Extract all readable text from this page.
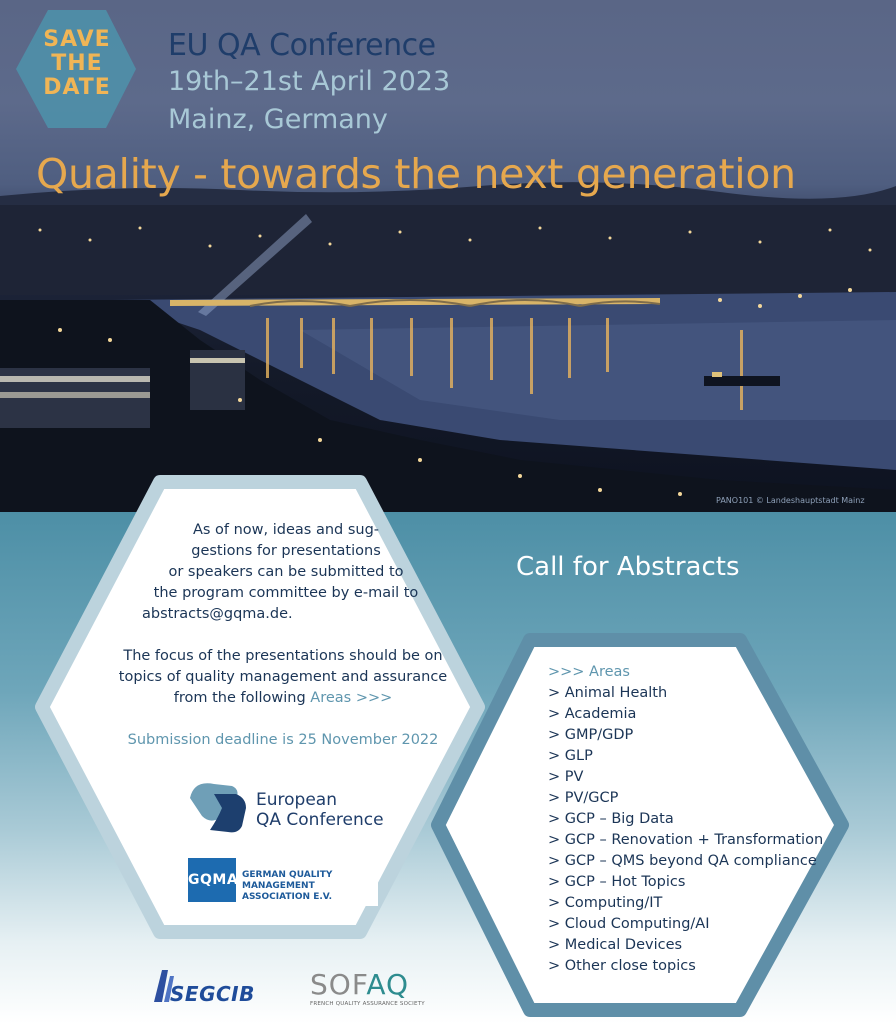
SAVE
THE
DATE
EU QA Conference
19th–21st April 2023
Mainz, Germany
Quality - towards the next generation
PANO101 © Landeshauptstadt Mainz

As of now, ideas and sug-

gestions for presentations

or speakers can be submitted to

the program committee by e-mail to

abstracts@gqma.de.

The focus of the presentations should be on
topics of quality management and assurance
from the following Areas >>>
Submission deadline is 25 November 2022
Call for Abstracts
>>> Areas
> Animal Health
> Academia
> GMP/GDP
> GLP
> PV
> PV/GCP
> GCP – Big Data
> GCP – Renovation + Transformation
> GCP – QMS beyond QA compliance
> GCP – Hot Topics
> Computing/IT
> Cloud Computing/AI
> Medical Devices
> Other close topics
European
QA Conference
GQMA GERMAN QUALITY MANAGEMENT
ASSOCIATION E.V.
SEGCIB SOFAQ
FRENCH QUALITY ASSURANCE SOCIETY
